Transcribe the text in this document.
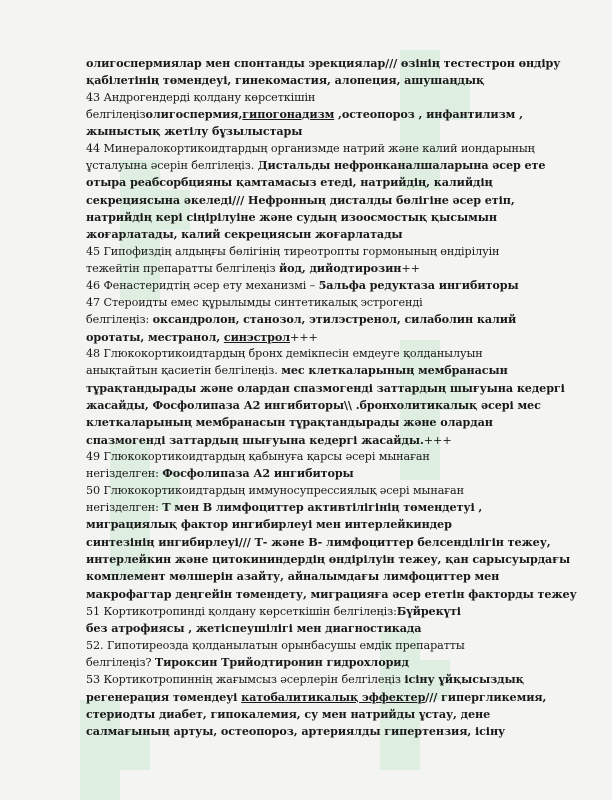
олигоспермиялар мен спонтанды эрекциялар/// өзінің тестестрон өндіру
қабілетінің төмендеуі, гинекомастия, алопеция, ашушаңдық
43 Андрогендерді қолдану көрсеткішін
белгілеңізолигоспермия,гипогонадизм ,остеопороз , инфантилизм ,
жыныстық жетілу бұзылыстары
44 Минералокортикоидтардың организмде натрий және калий иондарының
ұсталуына әсерін белгілеңіз. Дистальды нефронканалшаларына әсер ете
отыра реабсорбцияны қамтамасыз етеді, натрийдің, калийдің
секрециясына әкеледі/// Нефронның дисталды бөлігіне әсер етіп,
натрийдің кері сіңірілуіне және судың изоосмостық қысымын
жоғарлатады, калий секрециясын жоғарлатады
45 Гипофиздің алдыңғы бөлігінің тиреотропты гормонының өндірілуін
тежейтін препаратты белгілеңіз йод, дийодтирозин++
46 Фенастеридтің әсер ету механизмі – 5альфа редуктаза ингибиторы
47 Стероидты емес құрылымды синтетикалық эстрогенді
белгілеңіз: оксандролон, станозол, этилэстренол, силаболин калий
оротаты, местранол, синэстрол+++
48 Глюкокортикоидтардың бронх демікпесін емдеуге қолданылуын
анықтайтын қасиетін белгілеңіз. мес клеткаларының мембранасын
тұрақтандырады және олардан спазмогенді заттардың шығуына кедергі
жасайды, Фосфолипаза А2 ингибиторы\\ .бронхолитикалық әсері мес
клеткаларының мембранасын тұрақтандырады және олардан
спазмогенді заттардың шығуына кедергі жасайды.+++
49 Глюкокортикоидтардың қабынуға қарсы әсері мынаған
негізделген: Фосфолипаза А2 ингибиторы
50 Глюкокортикоидтардың иммуносупрессиялық әсері мынаған
негізделген: Т мен В лимфоциттер активтілігінің төмендетуі ,
миграциялық фактор ингибирлеуі мен интерлейкиндер
синтезінің ингибирлеуі/// Т- және В- лимфоциттер белсенділігін тежеу,
интерлейкин және цитокининдердің өндірілуін тежеу, қан сарысуырдағы
комплемент мөлшерін азайту, айналымдағы лимфоциттер мен
макрофагтар деңгейін төмендету, миграцияға әсер ететін факторды тежеу
51 Кортикотропинді қолдану көрсеткішін белгілеңіз:Бүйрекүті
без атрофиясы , жетіспеушілігі мен диагностикада
52. Гипотиреозда қолданылатын орынбасушы емдік препаратты
белгілеңіз? Тироксин Трийодтиронин гидрохлорид
53 Кортикотропиннің жағымсыз әсерлерін белгілеңіз ісіну ұйқысыздық
регенерация төмендеуі катобалитикалық эффектер/// гипергликемия,
стериодты диабет, гипокалемия, су мен натрийды ұстау, дене
салмағының артуы, остеопороз, артериялды гипертензия, ісіну
